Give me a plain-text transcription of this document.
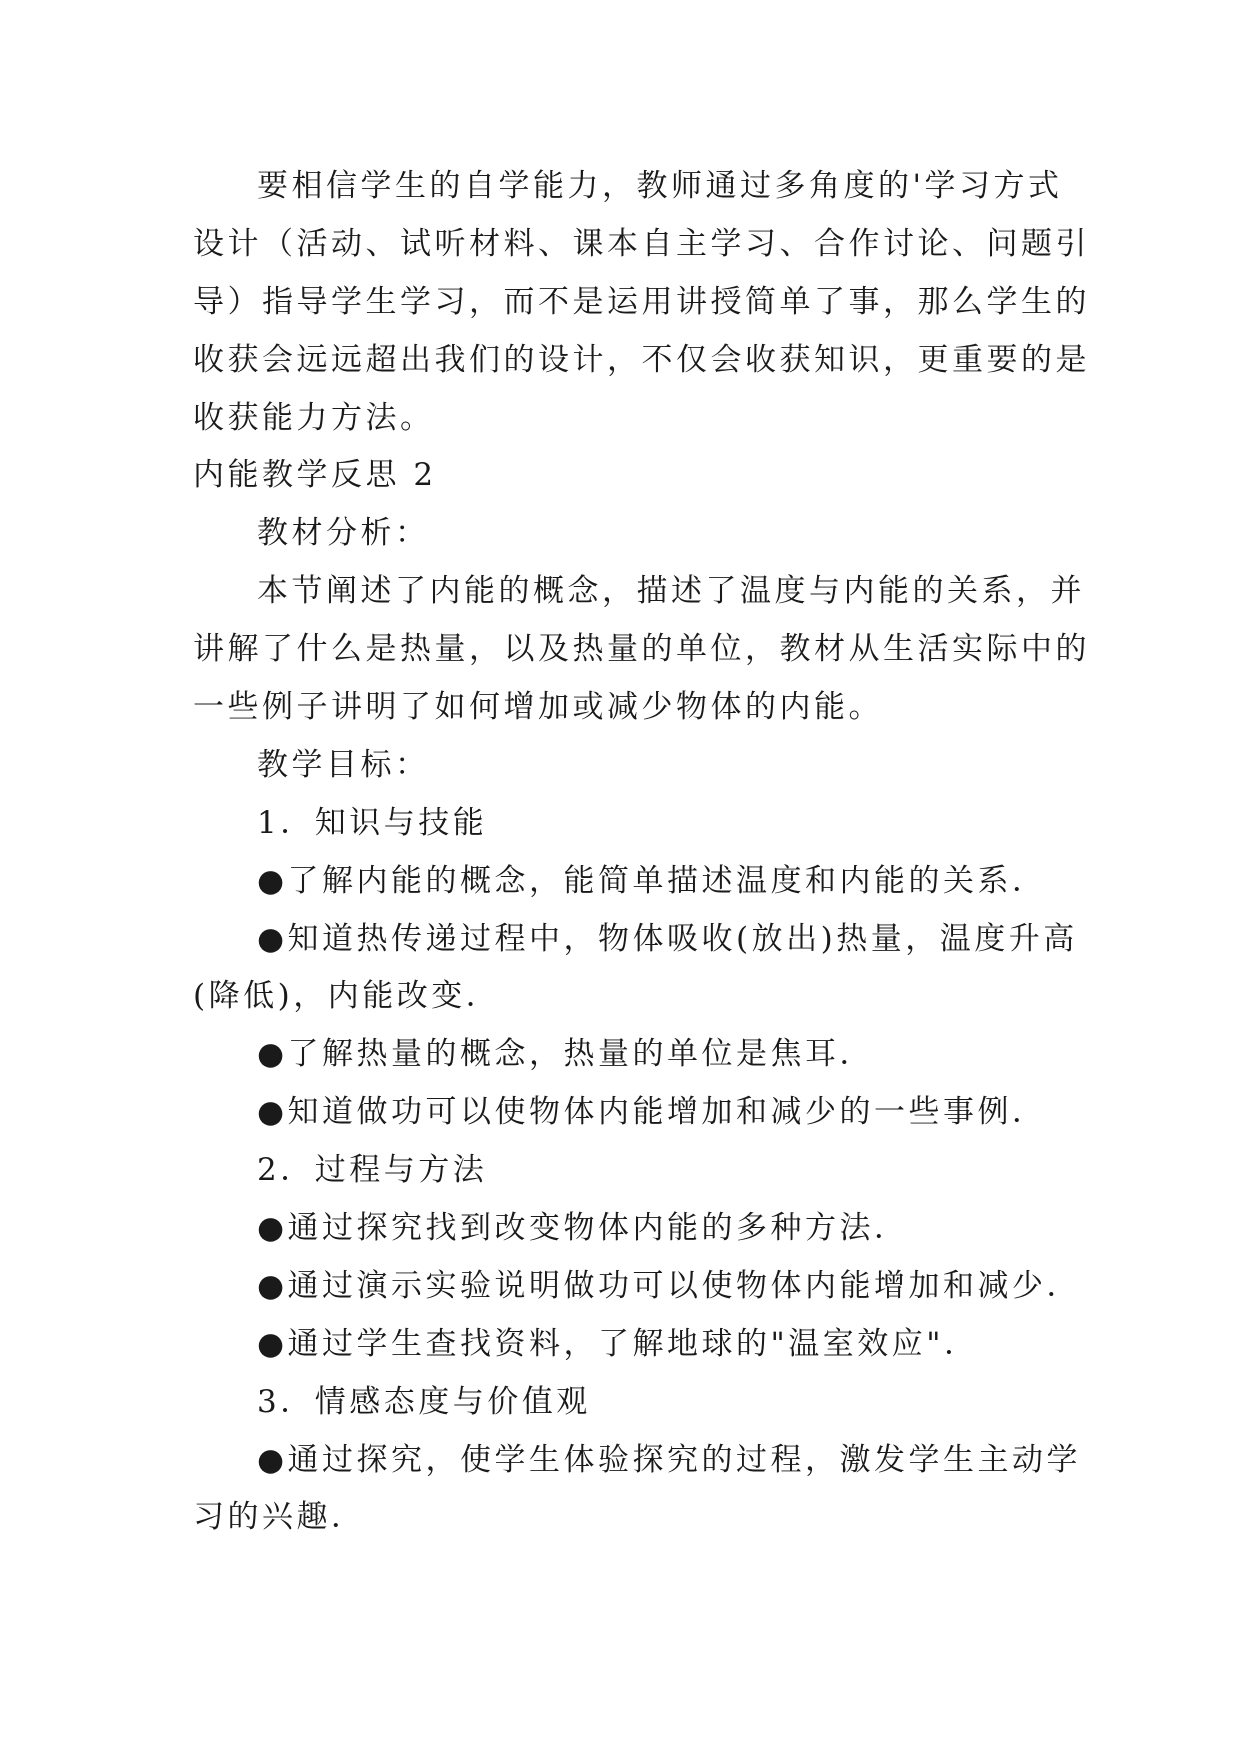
要相信学生的自学能力，教师通过多角度的'学习方式
设计（活动、试听材料、课本自主学习、合作讨论、问题引
导）指导学生学习，而不是运用讲授简单了事，那么学生的
收获会远远超出我们的设计，不仅会收获知识，更重要的是
收获能力方法。
内能教学反思 2
教材分析：
本节阐述了内能的概念，描述了温度与内能的关系，并
讲解了什么是热量，以及热量的单位，教材从生活实际中的
一些例子讲明了如何增加或减少物体的内能。
教学目标：
1．知识与技能
●了解内能的概念，能简单描述温度和内能的关系．
●知道热传递过程中，物体吸收(放出)热量，温度升高
(降低)，内能改变．
●了解热量的概念，热量的单位是焦耳．
●知道做功可以使物体内能增加和减少的一些事例．
2．过程与方法
●通过探究找到改变物体内能的多种方法．
●通过演示实验说明做功可以使物体内能增加和减少．
●通过学生查找资料，了解地球的"温室效应"．
3．情感态度与价值观
●通过探究，使学生体验探究的过程，激发学生主动学
习的兴趣．
